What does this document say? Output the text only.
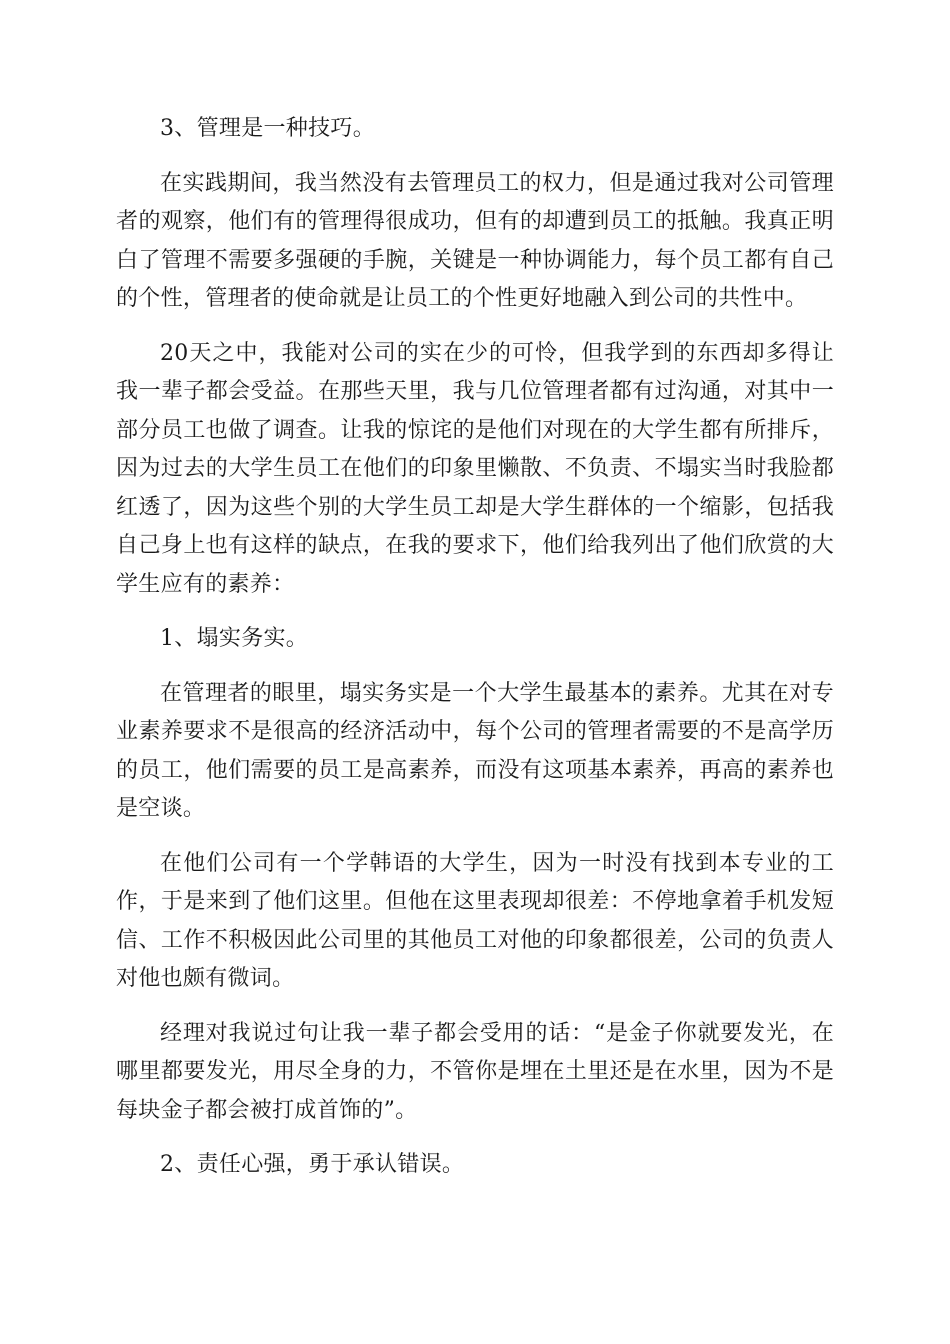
3、管理是一种技巧。

在实践期间，我当然没有去管理员工的权力，但是通过我对公司管理者的观察，他们有的管理得很成功，但有的却遭到员工的抵触。我真正明白了管理不需要多强硬的手腕，关键是一种协调能力，每个员工都有自己的个性，管理者的使命就是让员工的个性更好地融入到公司的共性中。

20天之中，我能对公司的实在少的可怜，但我学到的东西却多得让我一辈子都会受益。在那些天里，我与几位管理者都有过沟通，对其中一部分员工也做了调查。让我的惊诧的是他们对现在的大学生都有所排斥，因为过去的大学生员工在他们的印象里懒散、不负责、不塌实当时我脸都红透了，因为这些个别的大学生员工却是大学生群体的一个缩影，包括我自己身上也有这样的缺点，在我的要求下，他们给我列出了他们欣赏的大学生应有的素养：

1、塌实务实。

在管理者的眼里，塌实务实是一个大学生最基本的素养。尤其在对专业素养要求不是很高的经济活动中，每个公司的管理者需要的不是高学历的员工，他们需要的员工是高素养，而没有这项基本素养，再高的素养也是空谈。

在他们公司有一个学韩语的大学生，因为一时没有找到本专业的工作，于是来到了他们这里。但他在这里表现却很差：不停地拿着手机发短信、工作不积极因此公司里的其他员工对他的印象都很差，公司的负责人对他也颇有微词。

经理对我说过句让我一辈子都会受用的话：“是金子你就要发光，在哪里都要发光，用尽全身的力，不管你是埋在土里还是在水里，因为不是每块金子都会被打成首饰的”。

2、责任心强，勇于承认错误。
